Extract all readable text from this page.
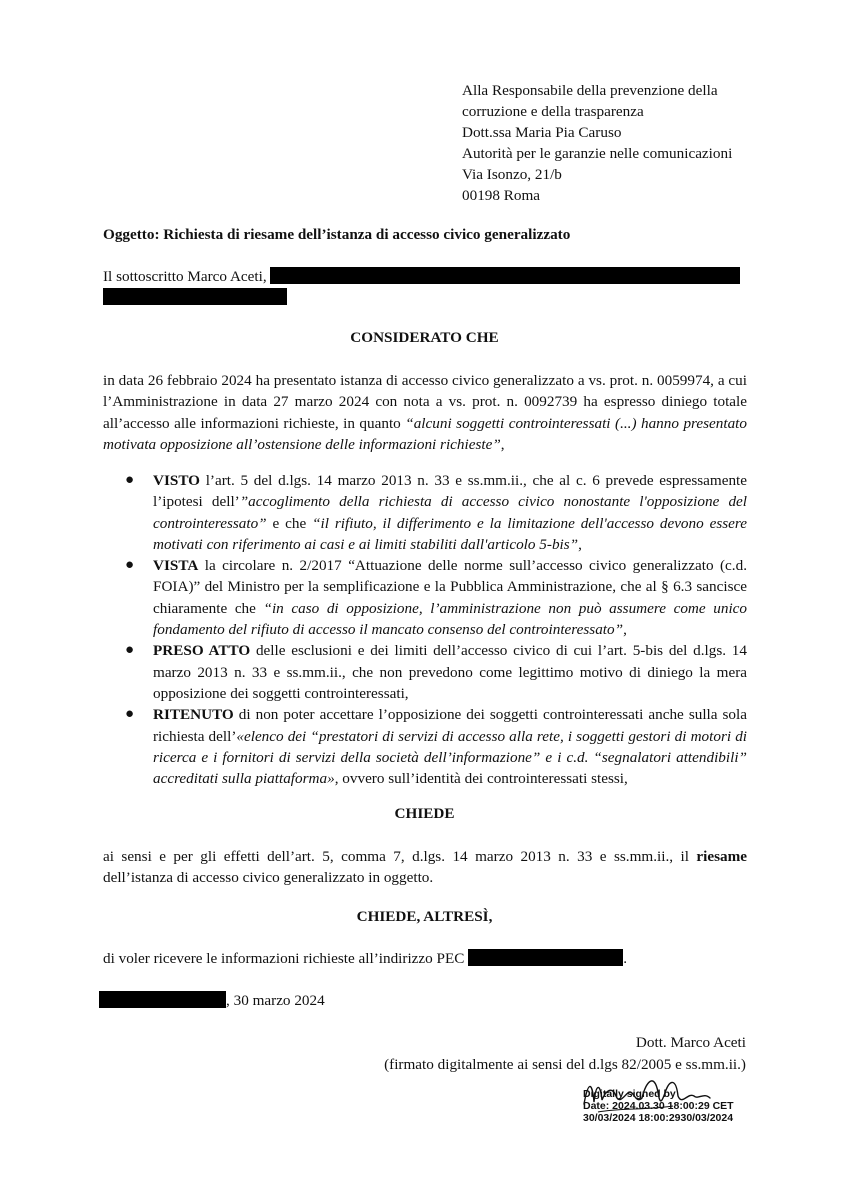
Alla Responsabile della prevenzione della
corruzione e della trasparenza
Dott.ssa Maria Pia Caruso
Autorità per le garanzie nelle comunicazioni
Via Isonzo, 21/b
00198 Roma
Oggetto: Richiesta di riesame dell’istanza di accesso civico generalizzato
Il sottoscritto Marco Aceti,

CONSIDERATO CHE
in data 26 febbraio 2024 ha presentato istanza di accesso civico generalizzato a vs. prot. n. 0059974, a cui l’Amministrazione in data 27 marzo 2024 con nota a vs. prot. n. 0092739 ha espresso diniego totale all’accesso alle informazioni richieste, in quanto “alcuni soggetti controinteressati (...) hanno presentato motivata opposizione all’ostensione delle informazioni richieste”,
● VISTO l’art. 5 del d.lgs. 14 marzo 2013 n. 33 e ss.mm.ii., che al c. 6 prevede espressamente l’ipotesi dell’”accoglimento della richiesta di accesso civico nonostante l'opposizione del controinteressato” e che “il rifiuto, il differimento e la limitazione dell'accesso devono essere motivati con riferimento ai casi e ai limiti stabiliti dall'articolo 5-bis”,
● VISTA la circolare n. 2/2017 “Attuazione delle norme sull’accesso civico generalizzato (c.d. FOIA)” del Ministro per la semplificazione e la Pubblica Amministrazione, che al § 6.3 sancisce chiaramente che “in caso di opposizione, l’amministrazione non può assumere come unico fondamento del rifiuto di accesso il mancato consenso del controinteressato”,
● PRESO ATTO delle esclusioni e dei limiti dell’accesso civico di cui l’art. 5-bis del d.lgs. 14 marzo 2013 n. 33 e ss.mm.ii., che non prevedono come legittimo motivo di diniego la mera opposizione dei soggetti controinteressati,
● RITENUTO di non poter accettare l’opposizione dei soggetti controinteressati anche sulla sola richiesta dell’«elenco dei “prestatori di servizi di accesso alla rete, i soggetti gestori di motori di ricerca e i fornitori di servizi della società dell’informazione” e i c.d. “segnalatori attendibili” accreditati sulla piattaforma», ovvero sull’identità dei controinteressati stessi,
CHIEDE
ai sensi e per gli effetti dell’art. 5, comma 7, d.lgs. 14 marzo 2013 n. 33 e ss.mm.ii., il riesame dell’istanza di accesso civico generalizzato in oggetto.
CHIEDE, ALTRESÌ,
di voler ricevere le informazioni richieste all’indirizzo PEC	.
, 30 marzo 2024
Dott. Marco Aceti
(firmato digitalmente ai sensi del d.lgs 82/2005 e ss.mm.ii.)
Digitally signed by
Date: 2024.03.30 18:00:29 CET
30/03/2024 18:00:2930/03/2024
